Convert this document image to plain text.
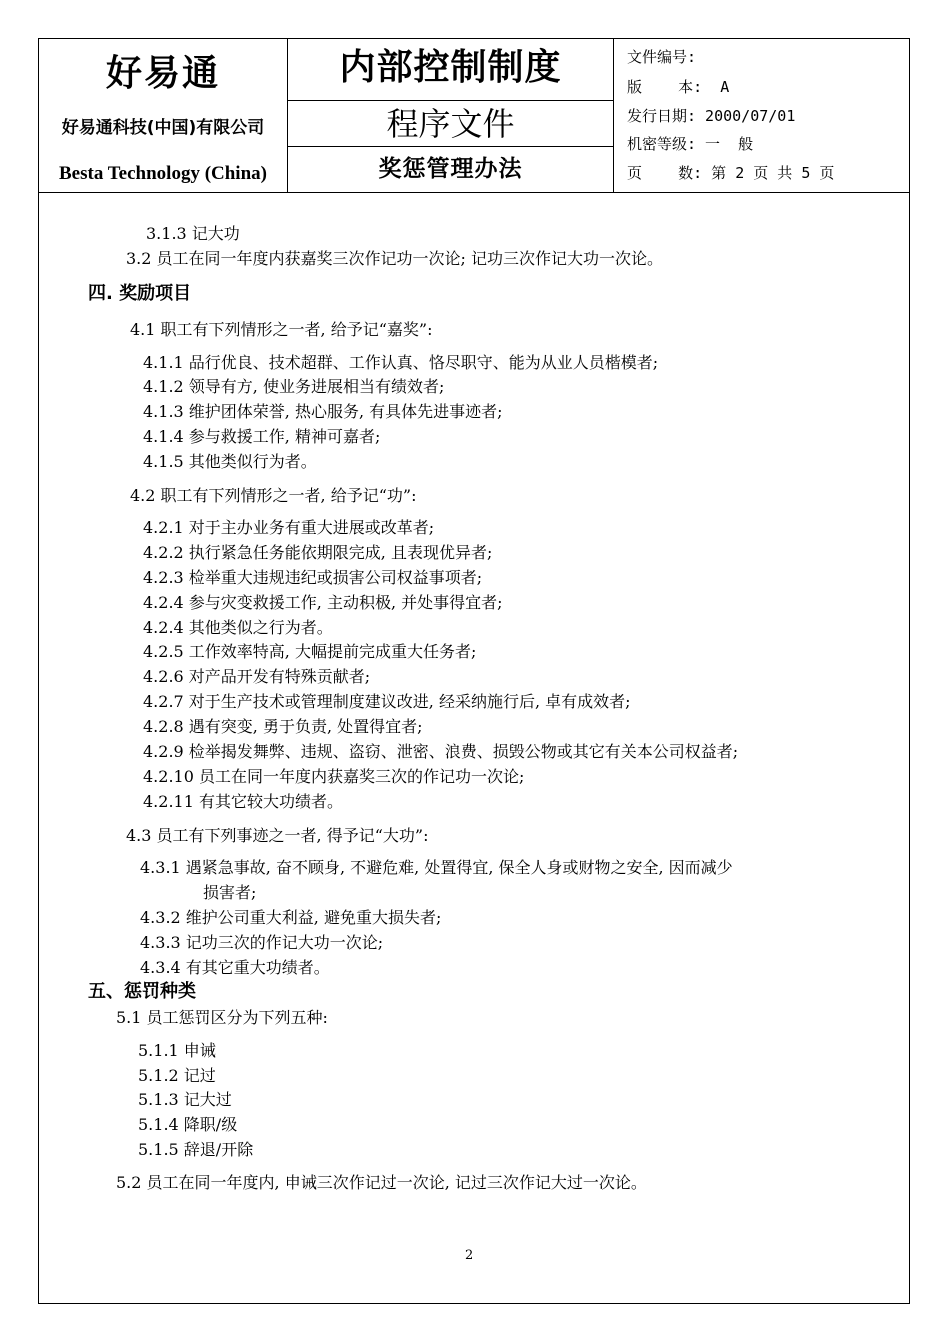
好易通
好易通科技(中国)有限公司
Besta Technology (China)
内部控制制度
程序文件
奖惩管理办法
文件编号:
版    本:  A
发行日期: 2000/07/01
机密等级: 一  般
页    数: 第 2 页 共 5 页
3.1.3 记大功
3.2 员工在同一年度内获嘉奖三次作记功一次论; 记功三次作记大功一次论。
四. 奖励项目
4.1 职工有下列情形之一者, 给予记“嘉奖”:
4.1.1 品行优良、技术超群、工作认真、恪尽职守、能为从业人员楷模者;
4.1.2 领导有方, 使业务进展相当有绩效者;
4.1.3 维护团体荣誉, 热心服务, 有具体先进事迹者;
4.1.4 参与救援工作, 精神可嘉者;
4.1.5 其他类似行为者。
4.2 职工有下列情形之一者, 给予记“功”:
4.2.1 对于主办业务有重大进展或改革者;
4.2.2 执行紧急任务能依期限完成, 且表现优异者;
4.2.3 检举重大违规违纪或损害公司权益事项者;
4.2.4 参与灾变救援工作, 主动积极, 并处事得宜者;
4.2.4 其他类似之行为者。
4.2.5 工作效率特高, 大幅提前完成重大任务者;
4.2.6 对产品开发有特殊贡献者;
4.2.7 对于生产技术或管理制度建议改进, 经采纳施行后, 卓有成效者;
4.2.8 遇有突变, 勇于负责, 处置得宜者;
4.2.9 检举揭发舞弊、违规、盗窃、泄密、浪费、损毁公物或其它有关本公司权益者;
4.2.10 员工在同一年度内获嘉奖三次的作记功一次论;
4.2.11 有其它较大功绩者。
4.3 员工有下列事迹之一者, 得予记“大功”:
4.3.1 遇紧急事故, 奋不顾身, 不避危难, 处置得宜, 保全人身或财物之安全, 因而减少
损害者;
4.3.2 维护公司重大利益, 避免重大损失者;
4.3.3 记功三次的作记大功一次论;
4.3.4 有其它重大功绩者。
五、惩罚种类
5.1 员工惩罚区分为下列五种:
5.1.1 申诫
5.1.2 记过
5.1.3 记大过
5.1.4 降职/级
5.1.5 辞退/开除
5.2 员工在同一年度内, 申诫三次作记过一次论, 记过三次作记大过一次论。
2
